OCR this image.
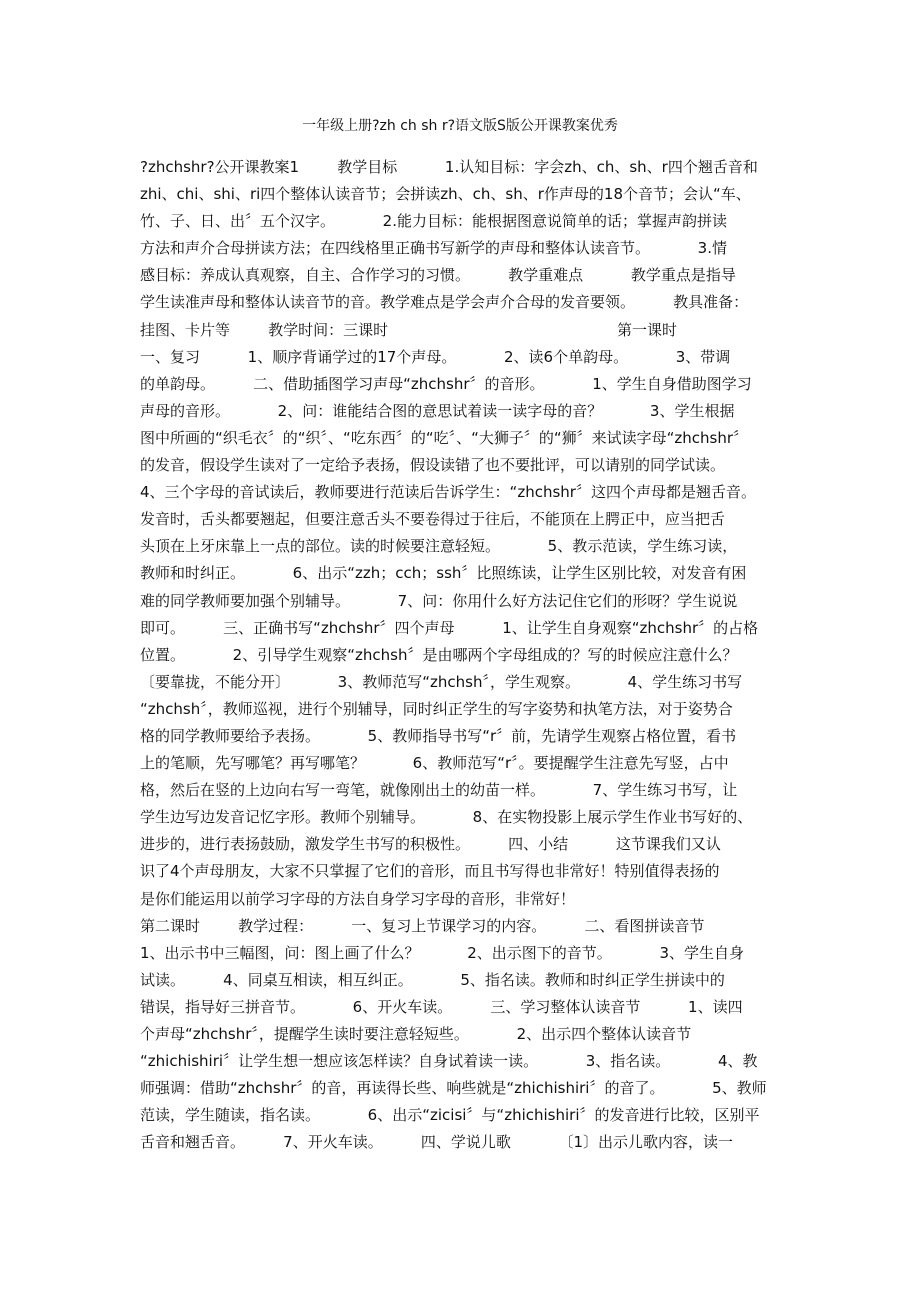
一年级上册?zh ch sh r?语文版S版公开课教案优秀
?zhchshr?公开课教案1        教学目标          1.认知目标：字会zh、ch、sh、r四个翘舌音和
zhi、chi、shi、ri四个整体认读音节；会拼读zh、ch、sh、r作声母的18个音节；会认“车、
竹、子、日、出〞五个汉字。          2.能力目标：能根据图意说简单的话；掌握声韵拼读
方法和声介合母拼读方法；在四线格里正确书写新学的声母和整体认读音节。          3.情
感目标：养成认真观察，自主、合作学习的习惯。        教学重难点          教学重点是指导
学生读准声母和整体认读音节的音。教学难点是学会声介合母的发音要领。        教具准备：
挂图、卡片等        教学时间：三课时                                                第一课时
一、复习          1、顺序背诵学过的17个声母。          2、读6个单韵母。          3、带调
的单韵母。        二、借助插图学习声母“zhchshr〞的音形。          1、学生自身借助图学习
声母的音形。          2、问：谁能结合图的意思试着读一读字母的音？          3、学生根据
图中所画的“织毛衣〞的“织〞、“吃东西〞的“吃〞、“大狮子〞的“狮〞来试读字母“zhchshr〞
的发音，假设学生读对了一定给予表扬，假设读错了也不要批评，可以请别的同学试读。
4、三个字母的音试读后，教师要进行范读后告诉学生：“zhchshr〞这四个声母都是翘舌音。
发音时，舌头都要翘起，但要注意舌头不要卷得过于往后，不能顶在上腭正中，应当把舌
头顶在上牙床靠上一点的部位。读的时候要注意轻短。          5、教示范读，学生练习读，
教师和时纠正。          6、出示“zzh；cch；ssh〞比照练读，让学生区别比较，对发音有困
难的同学教师要加强个别辅导。          7、问：你用什么好方法记住它们的形呀？学生说说
即可。        三、正确书写“zhchshr〞四个声母          1、让学生自身观察“zhchshr〞的占格
位置。          2、引导学生观察“zhchsh〞是由哪两个字母组成的？写的时候应注意什么？
〔要靠拢，不能分开〕          3、教师范写“zhchsh〞，学生观察。          4、学生练习书写
“zhchsh〞，教师巡视，进行个别辅导，同时纠正学生的写字姿势和执笔方法，对于姿势合
格的同学教师要给予表扬。          5、教师指导书写“r〞前，先请学生观察占格位置，看书
上的笔顺，先写哪笔？再写哪笔？          6、教师范写“r〞。要提醒学生注意先写竖，占中
格，然后在竖的上边向右写一弯笔，就像刚出土的幼苗一样。          7、学生练习书写，让
学生边写边发音记忆字形。教师个别辅导。          8、在实物投影上展示学生作业书写好的、
进步的，进行表扬鼓励，激发学生书写的积极性。        四、小结          这节课我们又认
识了4个声母朋友，大家不只掌握了它们的音形，而且书写得也非常好！特别值得表扬的
是你们能运用以前学习字母的方法自身学习字母的音形，非常好！
第二课时        教学过程：        一、复习上节课学习的内容。        二、看图拼读音节
1、出示书中三幅图，问：图上画了什么？          2、出示图下的音节。          3、学生自身
试读。        4、同桌互相读，相互纠正。          5、指名读。教师和时纠正学生拼读中的
错误，指导好三拼音节。          6、开火车读。        三、学习整体认读音节          1、读四
个声母“zhchshr〞，提醒学生读时要注意轻短些。          2、出示四个整体认读音节
“zhichishiri〞让学生想一想应该怎样读？自身试着读一读。          3、指名读。          4、教
师强调：借助“zhchshr〞的音，再读得长些、响些就是“zhichishiri〞的音了。          5、教师
范读，学生随读，指名读。          6、出示“zicisi〞与“zhichishiri〞的发音进行比较，区别平
舌音和翘舌音。        7、开火车读。        四、学说儿歌          〔1〕出示儿歌内容，读一
